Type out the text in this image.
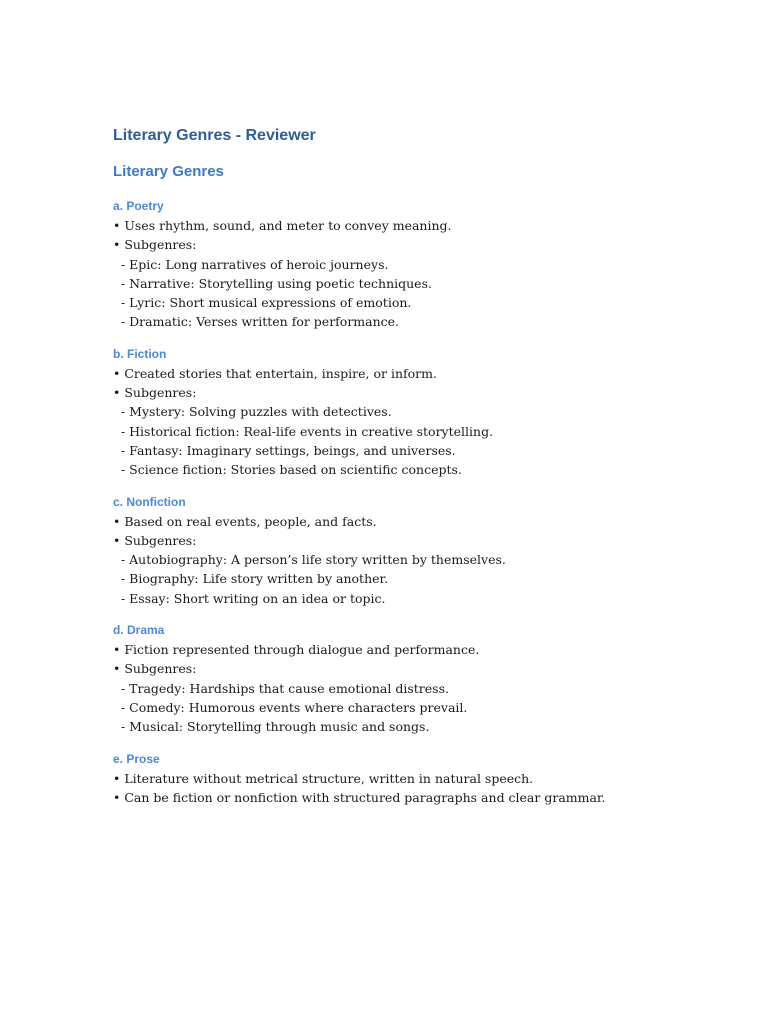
Literary Genres - Reviewer
Literary Genres
a. Poetry

• Uses rhythm, sound, and meter to convey meaning.

• Subgenres:

- Epic: Long narratives of heroic journeys.

- Narrative: Storytelling using poetic techniques.

- Lyric: Short musical expressions of emotion.

- Dramatic: Verses written for performance.

b. Fiction

• Created stories that entertain, inspire, or inform.

• Subgenres:

- Mystery: Solving puzzles with detectives.

- Historical fiction: Real-life events in creative storytelling.

- Fantasy: Imaginary settings, beings, and universes.

- Science fiction: Stories based on scientific concepts.

c. Nonfiction

• Based on real events, people, and facts.

• Subgenres:

- Autobiography: A person’s life story written by themselves.

- Biography: Life story written by another.

- Essay: Short writing on an idea or topic.

d. Drama

• Fiction represented through dialogue and performance.

• Subgenres:

- Tragedy: Hardships that cause emotional distress.

- Comedy: Humorous events where characters prevail.

- Musical: Storytelling through music and songs.

e. Prose

• Literature without metrical structure, written in natural speech.

• Can be fiction or nonfiction with structured paragraphs and clear grammar.
